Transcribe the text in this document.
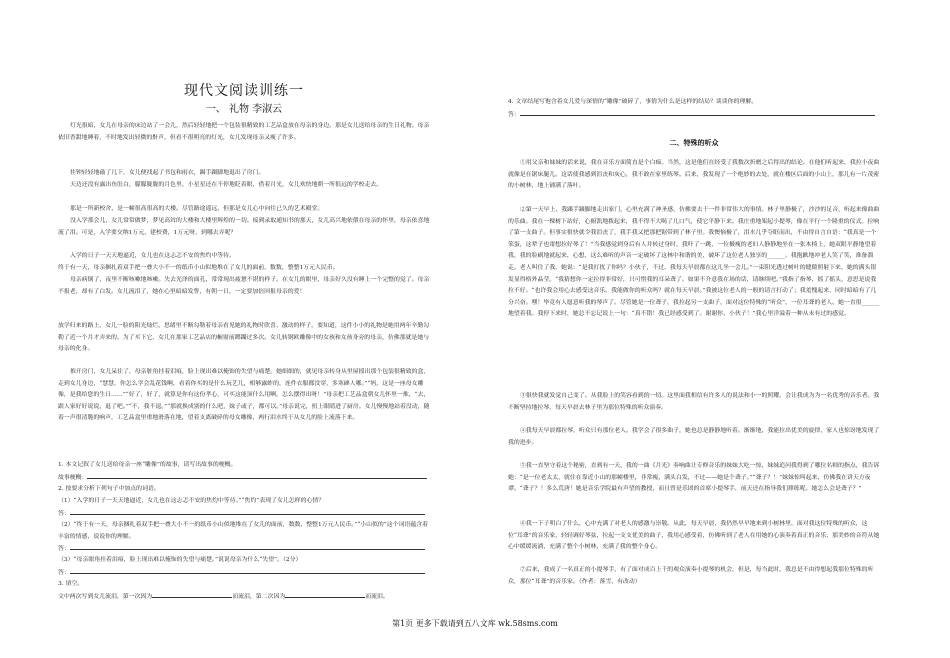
现代文阅读训练一
一、 礼物 李淑云

灯光很暗，女儿在母亲的床边站了一会儿，然后轻轻地把一个包装很精致的工艺品盒放在母亲的身边。那是女儿送给母亲的生日礼物。母亲依旧香甜地睡着，不时地发出轻微的鼾声，但看不很明亮的灯光，女儿发现母亲又瘦了许多。

挂钟轻轻地敲了几下，女儿便找起了书包和雨衣，蹑手蹑脚地退出了房门。

天边还没有露出鱼肚白，朦朦胧胧的月色里，小星星还在不停地眨着眼，借着月光，女儿欢快地朝一所很远的学校走去。

那是一所新校舍，是一幢很高很高的大楼。尽管路途遥远，但那是女儿心中向往已久的艺术殿堂。

没入学那会儿，女儿常常做梦，梦见高耸的大楼和大楼里辉煌的一切。接到录取通知书的那天，女儿高兴地依偎在母亲的怀里，母亲依喜地流了泪。可是，入学要交纳1万元，建校费，1万元呀，到哪去弄呢？

入学的日子一天天地逼近，女儿也在这忐忑不安的焦灼中等待。

终于有一天，母亲捆扎着双手把一叠大小不一的纸币小山似地堆在了女儿的面前，数数，整整1万元人民币。

母亲病倒了，夜里不断咳嗽地咳嗽。失去光泽的面孔，常常现出疲惫不堪的样子。在女儿的眼里，母亲好久没有睡上一个完整的觉了。母亲不报老，却有了白发。女儿流泪了，她在心里暗暗发誓，有朝一日，一定要加倍回报母亲的爱！

放学归来的路上，女儿一脸的阳光灿烂，思绪里不断勾勒着母亲看见她的礼物时欣喜、激动的样子。要知道，这件小小的礼物是她用两年辛勤勾勒了近一个月才弄来的。为了买下它，女儿在那家工艺品店的橱窗前踯躅过多次。女儿转钢欧雕像中的女孩和女孩身旁的母亲，仿佛那就是她与母亲的化身。

推开房门，女儿呆住了，母亲脏角挂着泪痕，脸上现出难以掩饰的失望与痛楚。她细细的，就见母亲转身从里屋摇出那个包装很精致的盒，走到女儿身边，“慧慧，你怎么学会乱花钱啊，看着你买的是什么玩艺儿，相够露蚱的，连件衣服都没穿，多寒碜人哪。”“妈，这是一座母女雕像，是我给您的生日……”“好了，好了，就算是你有这份孝心，可买这能顶什么用啊，怎么摆得出呀！”母亲把工艺品盒朝女儿怀里一推，“去，跟人家好好说说，退了吧。”“不，我不退。”“那就换成别的什么吧，妹子或子，都可以。”母亲说完，扭上眼睛进了厨房。女儿慢慢地站着没动，随着一声很清脆的响声，工艺品盒里重地滑落在地，望着支离破碎的母女雕像，两行泪水终于从女儿的脸上流落下来。

1. 本文记叙了女儿送给母亲一座“雕像”的故事，请写出故事的梗概。

故事梗概：

2. 按要求分析下列句子中加点的词语。

（1）“入学的日子一天天地逼近，女儿也在这忐忑不安的焦灼中等待。”“焦灼”表现了女儿怎样的心情？

答：

（2）“终于有一天，母亲捆扎着双手把一叠大小不一的纸币小山似地堆在了女儿的面前，数数，整整1万元人民币。”“小山似的”这个词语蕴含着丰富的情感，说说你的理解。

答：

（3）“母亲眼角挂着泪痕，脸上现出难以掩饰的失望与痛楚。”说说母亲为什么“失望”。（2分）

答：

3. 填空。

文中两次写到女儿流泪，第一次因为	而流泪，第二次因为	而流泪。

4. 文章结尾写饱含着女儿爱与深情的“雕像”破碎了，事情为什么是这样的结局？谈谈你的理解。

答：

二、特殊的听众

①用父亲和妹妹的话来说，我在音乐方面简直是个白痴。当然，这是他们在经受了我数次折磨之后得出的结论。在他们听起来，我拉小夜曲就像是在锯床腿儿。这话使我感到沮丧和灰心，我不敢在家里练琴。后来，我发现了一个绝妙的去处，就在楼区后面的小山上，那儿有一片茂密的小树林，地上铺满了落叶。

②第一天早上，我蹑手蹑脚地走出家门，心里充满了神圣感，仿佛要去干一件非常伟大的事情。林子里静极了，沙沙的足音，听起来像曲曲的乐曲。我在一棵树下站好，心俯凯地拨起来，我不得不大喝了几口气，使它平静下来。我庄重地架起小提琴，像在平行一个隆重的仪式。拉响了第一支曲子。但事实很快就令我沮丧了，我手我又把那把锯带到了林子里。我懊恼极了，泪水几乎夺眶而出，不由得自言自语：“我真是一个笨蛋，这辈子也甭想拉好琴了！”当我感觉到身后有人并转过身时，我吓了一跳，一位极瘦的老妇人静静地坐在一张木椅上，她双眼平静地望着我，我的脸刷地就起来，心想，这么难听的声音一定破坏了这林中和谐的美，破坏了这位老人独享的______。我抱歉地冲老人笑了笑，准备溜走。老人叫住了我，她说：“是我打扰了你吗？小伙子，不过，我每天早晨都在这儿坐一会儿。”一束阳光透过树叶的缝隙照射下来，她的满头银发显得格外晶莹。“我猜想你一定拉得非常好，只可惜我的耳朵聋了。如果不介意我在场的话，请继续吧。”我指了指琴，摇了摇头，意思是说我拉不好。“也许我会用心去感受这音乐。我能做你的听众吗？就在每天早晨。”我被这位老人的一般的请言打动了；我羞愧起来，同时暗暗有了几分兴奋。嘿！毕竟有人愿意听我的琴声了。尽管她是一位聋子，我拉起另一支曲子，面对这位特殊的“听众”，一位耳聋的老人。她一直很______地望着我。我停下来时，她总不忘记说上一句：“真不错！我已经感受到了。谢谢你，小伙子！”我心里洋溢着一种从未有过的感觉。

③很快我就发觉自己变了。从我脸上的笑容看到的一切。这里面我相信有许多人的说法和小一的照耀，会让我成为为一名优秀的音乐者。我不断坚持地拉琴，每天早晨去林子里为那位特殊的听众演奏。

④我每天早晨都拉琴，听众只有那位老人。我学会了很多曲子，她也总是静静地听着。渐渐地，我能拉出优美的旋律，家人也惊讶地发现了我的进步。

⑤我一直坚守着这个秘密，直到有一天，我的一曲《月光》奏响曲让专修音乐的妹妹大吃一惊，妹妹追问我得到了哪位名师的指点，我告诉她：“是一位老太太，就住在靠近小山的那幢楼里，非常瘦，满头白发，不过——她是个聋子。”“聋子？！”妹妹惊叫起来，仿佛我在讲天方夜谭。“聋子？！多么荒唐！她是音乐学院最有声望的教授，而且曾是乐团的首席小提琴手，前天还在指导我们排练呢。她怎么会是聋子？”

⑥我一下子明白了什么，心中充满了对老人的感激与崇敬。从此，每天早晨，我仍然早早地来到小树林里，面对我这位特殊的听众，这位“耳聋”的音乐家，轻轻调好琴弦，拉起一支支优美的曲子，我用心感受着，仿佛听到了老人在用她的心演奏着真正的音乐，那美妙的音符从她心中缓缓流淌，充满了整个小树林，充满了我的整个身心。

⑦后来，我成了一名真正的小提琴手，有了面对成百上千的观众演奏小提琴的机会，但是，每当此时，我总是不由得想起我那位特殊的听众，那位“耳聋”的音乐家。（作者：落雪，有改动）

第1页 更多下载请到五八文库 wk.58sms.com
